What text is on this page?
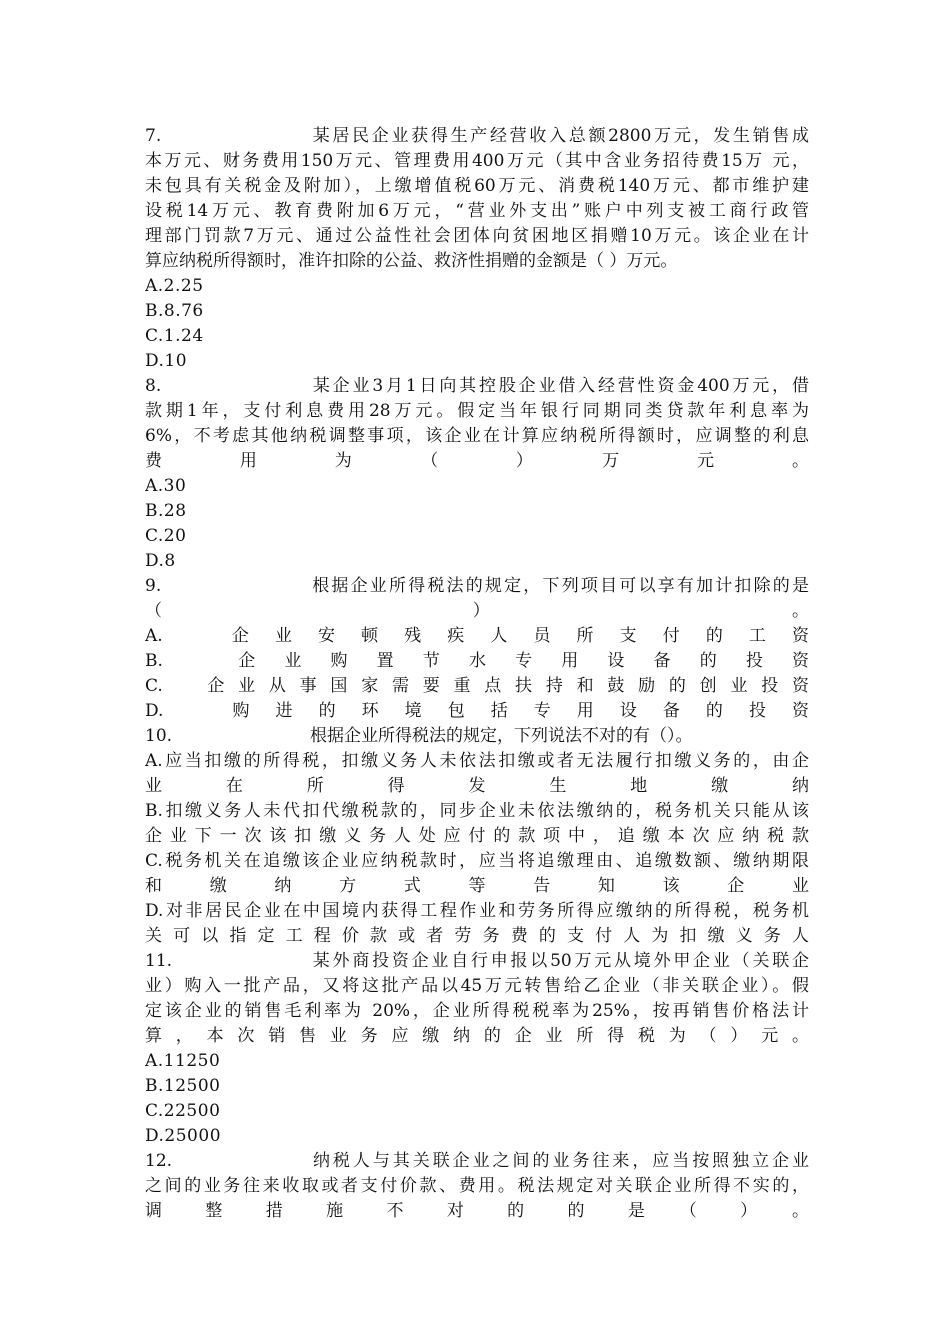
7.	某居民企业获得生产经营收入总额2800万元，发生销售成
本万元、财务费用150万元、管理费用400万元（其中含业务招待费15万 元，
未包具有关税金及附加），上缴增值税60万元、消费税140万元、都市维护建
设税14万元、教育费附加6万元，“营业外支出”账户中列支被工商行政管
理部门罚款7万元、通过公益性社会团体向贫困地区捐赠10万元。该企业在计
算应纳税所得额时，准许扣除的公益、救济性捐赠的金额是（ ）万元。
A.2.25
B.8.76
C.1.24
D.10
8.	某企业3月1日向其控股企业借入经营性资金400万元，借
款期1年，支付利息费用28万元。假定当年银行同期同类贷款年利息率为
6%，不考虑其他纳税调整事项，该企业在计算应纳税所得额时，应调整的利息
费　用　为　（　）　万　元　。
A.30
B.28
C.20
D.8
9.	根据企业所得税法的规定，下列项目可以享有加计扣除的是
（　　　　　　　　　　）　　　　　　　　　　。
A.　企业安顿残疾人员所支付的工资
B.　企业购置节水专用设备的投资
C.　企业从事国家需要重点扶持和鼓励的创业投资
D.　购进的环境包括专用设备的投资
10.	根据企业所得税法的规定，下列说法不对的有（）。
A.应当扣缴的所得税，扣缴义务人未依法扣缴或者无法履行扣缴义务的，由企
业　在　所　得　发　生　地　缴　纳
B.扣缴义务人未代扣代缴税款的，同步企业未依法缴纳的，税务机关只能从该
企业下一次该扣缴义务人处应付的款项中，追缴本次应纳税款
C.税务机关在追缴该企业应纳税款时，应当将追缴理由、追缴数额、缴纳期限
和　缴　纳　方　式　等　告　知　该　企　业
D.对非居民企业在中国境内获得工程作业和劳务所得应缴纳的所得税，税务机
关可以指定工程价款或者劳务费的支付人为扣缴义务人
11.	某外商投资企业自行申报以50万元从境外甲企业（关联企
业）购入一批产品，又将这批产品以45万元转售给乙企业（非关联企业）。假
定该企业的销售毛利率为 20%，企业所得税税率为25%，按再销售价格法计
算，本次销售业务应缴纳的企业所得税为（）元。
A.11250
B.12500
C.22500
D.25000
12.	纳税人与其关联企业之间的业务往来，应当按照独立企业
之间的业务往来收取或者支付价款、费用。税法规定对关联企业所得不实的，
调　整　措　施　不　对　的　的　是　（　）　。
